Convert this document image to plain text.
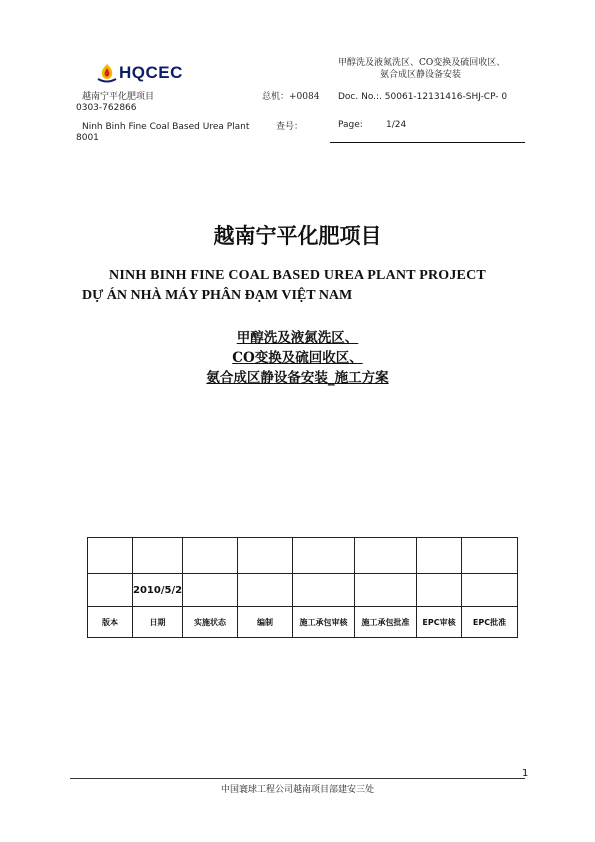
HQCEC
越南宁平化肥项目	总机：+0084
0303-762866
Ninh Binh Fine Coal Based Urea Plant	查号：
8001
甲醇洗及液氮洗区、CO变换及硫回收区、
氨合成区静设备安装
Doc. No.:. 50061-12131416-SHJ-CP- 0
Page:	1/24
越南宁平化肥项目
NINH BINH FINE COAL BASED UREA PLANT PROJECT
DỰ ÁN NHÀ MÁY PHÂN ĐẠM VIỆT NAM
甲醇洗及液氮洗区、
CO变换及硫回收区、
氨合成区静设备安装_施工方案

	2010/5/2						
版本	日期	实施状态	编制	施工承包审核	施工承包批准	EPC审核	EPC批准
1
中国寰球工程公司越南项目部建安三处
